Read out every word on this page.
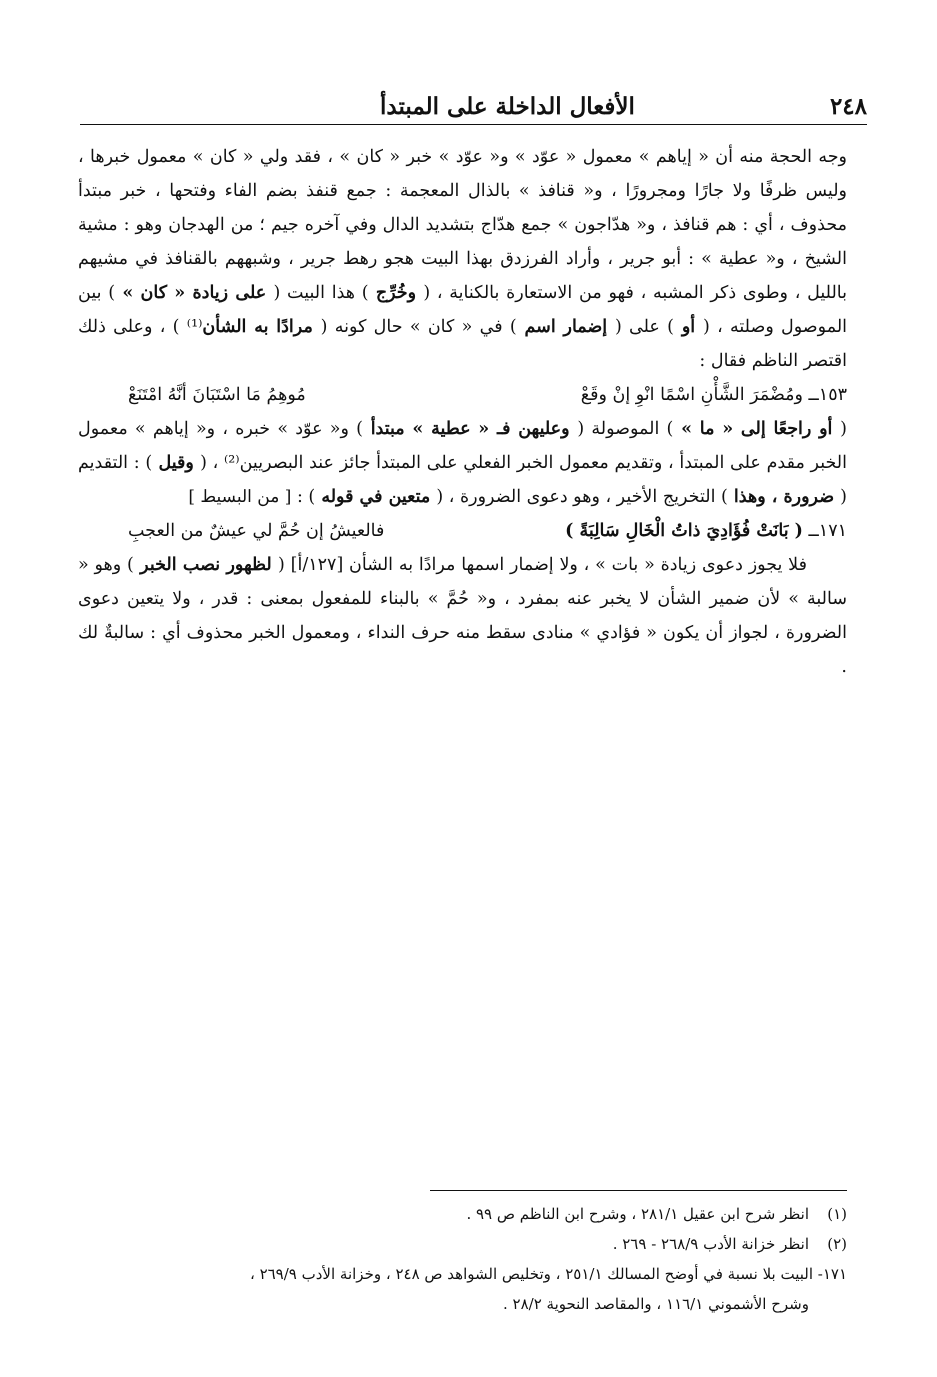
٢٤٨
الأفعال الداخلة على المبتدأ

وجه الحجة منه أن « إياهم » معمول « عوّد » و« عوّد » خبر « كان » ، فقد ولي « كان » معمول خبرها ، وليس ظرفًا ولا جارًا ومجرورًا ، و« قنافذ » بالذال المعجمة : جمع قنفذ بضم الفاء وفتحها ، خبر مبتدأ محذوف ، أي : هم قنافذ ، و« هدّاجون » جمع هدّاج بتشديد الدال وفي آخره جيم ؛ من الهدجان وهو : مشية الشيخ ، و« عطية » : أبو جرير ، وأراد الفرزدق بهذا البيت هجو رهط جرير ، وشبههم بالقنافذ في مشيهم بالليل ، وطوى ذكر المشبه ، فهو من الاستعارة بالكناية ، ( وخُرِّج ) هذا البيت ( على زيادة « كان » ) بين الموصول وصلته ، ( أو ) على ( إضمار اسم ) في « كان » حال كونه ( مرادًا به الشأن⁽¹⁾ ) ، وعلى ذلك اقتصر الناظم فقال :

١٥٣ــ ومُضْمَرَ الشَّأْنِ اسْمًا انْوِ إنْ وقَعْ
مُوهِمُ مَا اسْتَبَانَ أنَّهُ امْتَنَعْ

( أو راجعًا إلى « ما » ) الموصولة ( وعليهن فـ « عطية » مبتدأ ) و« عوّد » خبره ، و« إياهم » معمول الخبر مقدم على المبتدأ ، وتقديم معمول الخبر الفعلي على المبتدأ جائز عند البصريين⁽²⁾ ، ( وقيل ) : التقديم ( ضرورة ، وهذا ) التخريج الأخير ، وهو دعوى الضرورة ، ( متعين في قوله ) : [ من البسيط ]

١٧١ــ ( بَانَتْ فُؤَادِيَ ذاتُ الْخَالِ سَالِبَةً )
فالعيشُ إن حُمَّ لي عيشٌ من العجبِ

فلا يجوز دعوى زيادة « بات » ، ولا إضمار اسمها مرادًا به الشأن [١٢٧/أ] ( لظهور نصب الخبر ) وهو « سالبة » لأن ضمير الشأن لا يخبر عنه بمفرد ، و« حُمَّ » بالبناء للمفعول بمعنى : قدر ، ولا يتعين دعوى الضرورة ، لجواز أن يكون « فؤادي » منادى سقط منه حرف النداء ، ومعمول الخبر محذوف أي : سالبةٌ لك .

(١)انظر شرح ابن عقيل ٢٨١/١ ، وشرح ابن الناظم ص ٩٩ .

(٢)انظر خزانة الأدب ٢٦٨/٩ - ٢٦٩ .

١٧١- البيت بلا نسبة في أوضح المسالك ٢٥١/١ ، وتخليص الشواهد ص ٢٤٨ ، وخزانة الأدب ٢٦٩/٩ ،

وشرح الأشموني ١١٦/١ ، والمقاصد النحوية ٢٨/٢ .
